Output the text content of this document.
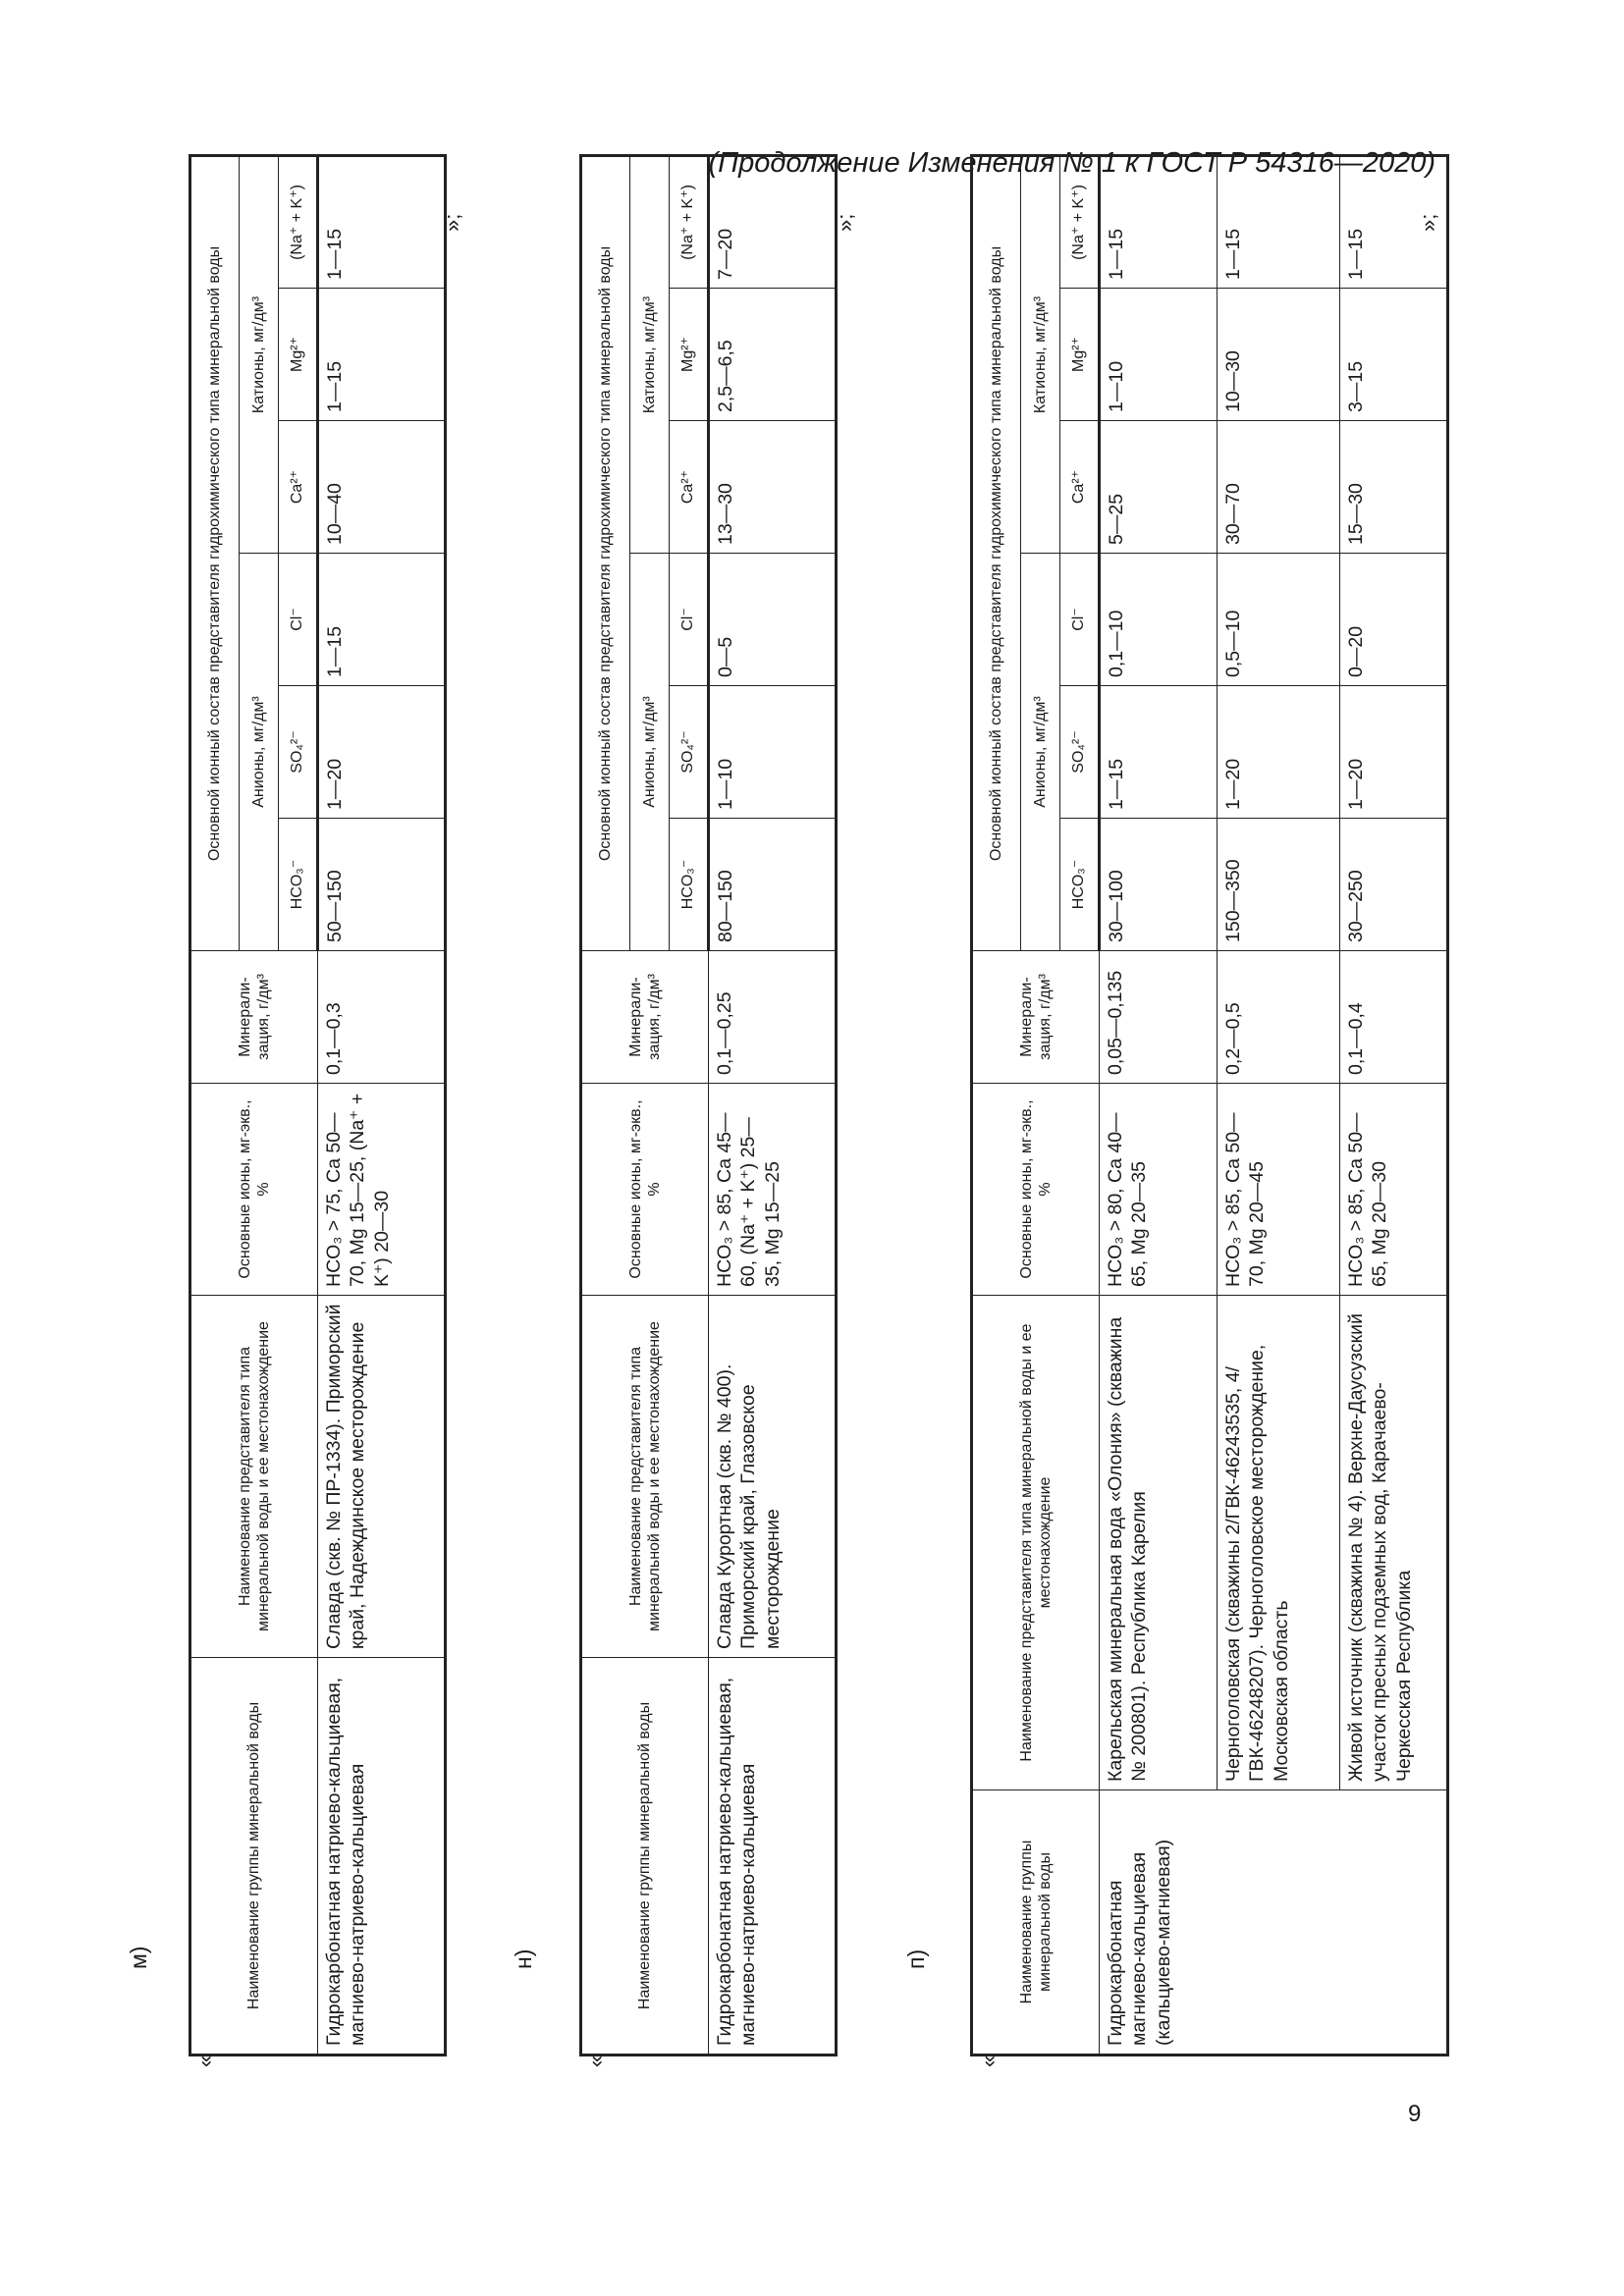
(Продолжение Изменения № 1 к ГОСТ Р 54316—2020)
9
м)
«
»;
Наименование группы минеральной воды	Наименование представителя типа минеральной воды и ее местонахождение	Основные ионы, мг-экв., %	Минерали-зация, г/дм³	Основной ионный состав представителя гидрохимического типа минеральной воды					
				Анионы, мг/дм³			Катионы, мг/дм³		
				HCO₃⁻	SO₄²⁻	Cl⁻	Ca²⁺	Mg²⁺	(Na⁺ + K⁺)
Гидрокарбонатная натриево-кальциевая, магниево-натриево-кальциевая	Славда (скв. № ПР-1334). Приморский край, Надеждинское месторождение	HCO₃ > 75, Ca 50—70, Mg 15—25, (Na⁺ + K⁺) 20—30	0,1—0,3	50—150	1—20	1—15	10—40	1—15	1—15
н)
«
»;
Наименование группы минеральной воды	Наименование представителя типа минеральной воды и ее местонахождение	Основные ионы, мг-экв., %	Минерали-зация, г/дм³	Основной ионный состав представителя гидрохимического типа минеральной воды					
				Анионы, мг/дм³			Катионы, мг/дм³		
				HCO₃⁻	SO₄²⁻	Cl⁻	Ca²⁺	Mg²⁺	(Na⁺ + K⁺)
Гидрокарбонатная натриево-кальциевая, магниево-натриево-кальциевая	Славда Курортная (скв. № 400). Приморский край, Глазовское месторождение	HCO₃ > 85, Ca 45—60, (Na⁺ + K⁺) 25—35, Mg 15—25	0,1—0,25	80—150	1—10	0—5	13—30	2,5—6,5	7—20
п)
«
»;
Наименование группы минеральной воды	Наименование представителя типа минеральной воды и ее местонахождение	Основные ионы, мг-экв., %	Минерали-зация, г/дм³	Основной ионный состав представителя гидрохимического типа минеральной воды					
				Анионы, мг/дм³			Катионы, мг/дм³		
				HCO₃⁻	SO₄²⁻	Cl⁻	Ca²⁺	Mg²⁺	(Na⁺ + K⁺)
Гидрокарбонатная магниево-кальциевая (кальциево-магниевая)	Карельская минеральная вода «Олония» (скважина № 200801). Республика Карелия	HCO₃ > 80, Ca 40—65, Mg 20—35	0,05—0,135	30—100	1—15	0,1—10	5—25	1—10	1—15
	Черноголовская (скважины 2/ГВК-46243535, 4/ГВК-46248207). Черноголовское месторождение, Московская область	HCO₃ > 85, Ca 50—70, Mg 20—45	0,2—0,5	150—350	1—20	0,5—10	30—70	10—30	1—15
	Живой источник (скважина № 4). Верхне-Даусузский участок пресных подземных вод, Карачаево-Черкесская Республика	HCO₃ > 85, Ca 50—65, Mg 20—30	0,1—0,4	30—250	1—20	0—20	15—30	3—15	1—15
